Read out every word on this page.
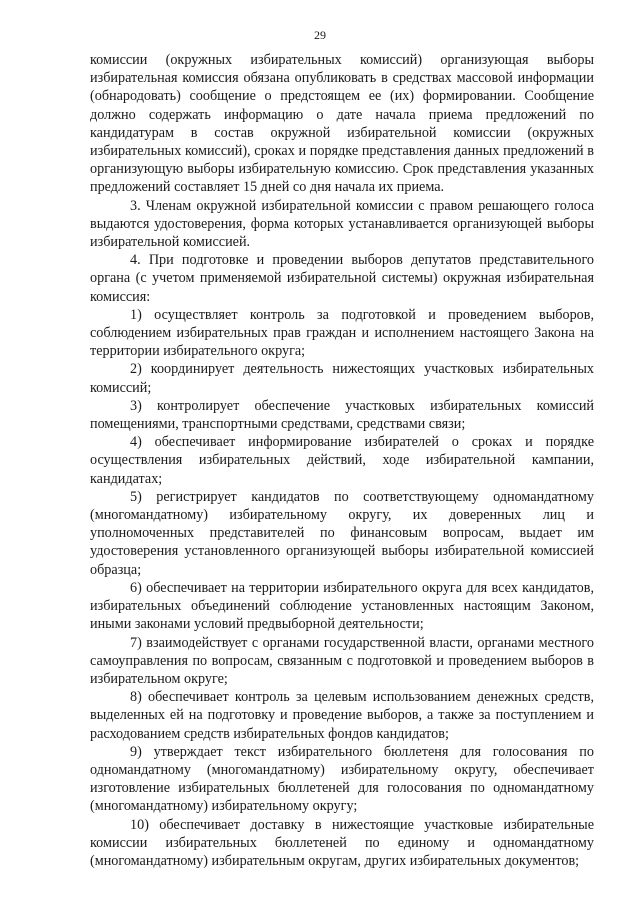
29

комиссии (окружных избирательных комиссий) организующая выборы избирательная комиссия обязана опубликовать в средствах массовой информации (обнародовать) сообщение о предстоящем ее (их) формировании. Сообщение должно содержать информацию о дате начала приема предложений по кандидатурам в состав окружной избирательной комиссии (окружных избирательных комиссий), сроках и порядке представления данных предложений в организующую выборы избирательную комиссию. Срок представления указанных предложений составляет 15 дней со дня начала их приема.

3. Членам окружной избирательной комиссии с правом решающего голоса выдаются удостоверения, форма которых устанавливается организующей выборы избирательной комиссией.

4. При подготовке и проведении выборов депутатов представительного органа (с учетом применяемой избирательной системы) окружная избирательная комиссия:

1) осуществляет контроль за подготовкой и проведением выборов, соблюдением избирательных прав граждан и исполнением настоящего Закона на территории избирательного округа;

2) координирует деятельность нижестоящих участковых избирательных комиссий;

3) контролирует обеспечение участковых избирательных комиссий помещениями, транспортными средствами, средствами связи;

4) обеспечивает информирование избирателей о сроках и порядке осуществления избирательных действий, ходе избирательной кампании, кандидатах;

5) регистрирует кандидатов по соответствующему одномандатному (многомандатному) избирательному округу, их доверенных лиц и уполномоченных представителей по финансовым вопросам, выдает им удостоверения установленного организующей выборы избирательной комиссией образца;

6) обеспечивает на территории избирательного округа для всех кандидатов, избирательных объединений соблюдение установленных настоящим Законом, иными законами условий предвыборной деятельности;

7) взаимодействует с органами государственной власти, органами местного самоуправления по вопросам, связанным с подготовкой и проведением выборов в избирательном округе;

8) обеспечивает контроль за целевым использованием денежных средств, выделенных ей на подготовку и проведение выборов, а также за поступлением и расходованием средств избирательных фондов кандидатов;

9) утверждает текст избирательного бюллетеня для голосования по одномандатному (многомандатному) избирательному округу, обеспечивает изготовление избирательных бюллетеней для голосования по одномандатному (многомандатному) избирательному округу;

10) обеспечивает доставку в нижестоящие участковые избирательные комиссии избирательных бюллетеней по единому и одномандатному (многомандатному) избирательным округам, других избирательных документов;
